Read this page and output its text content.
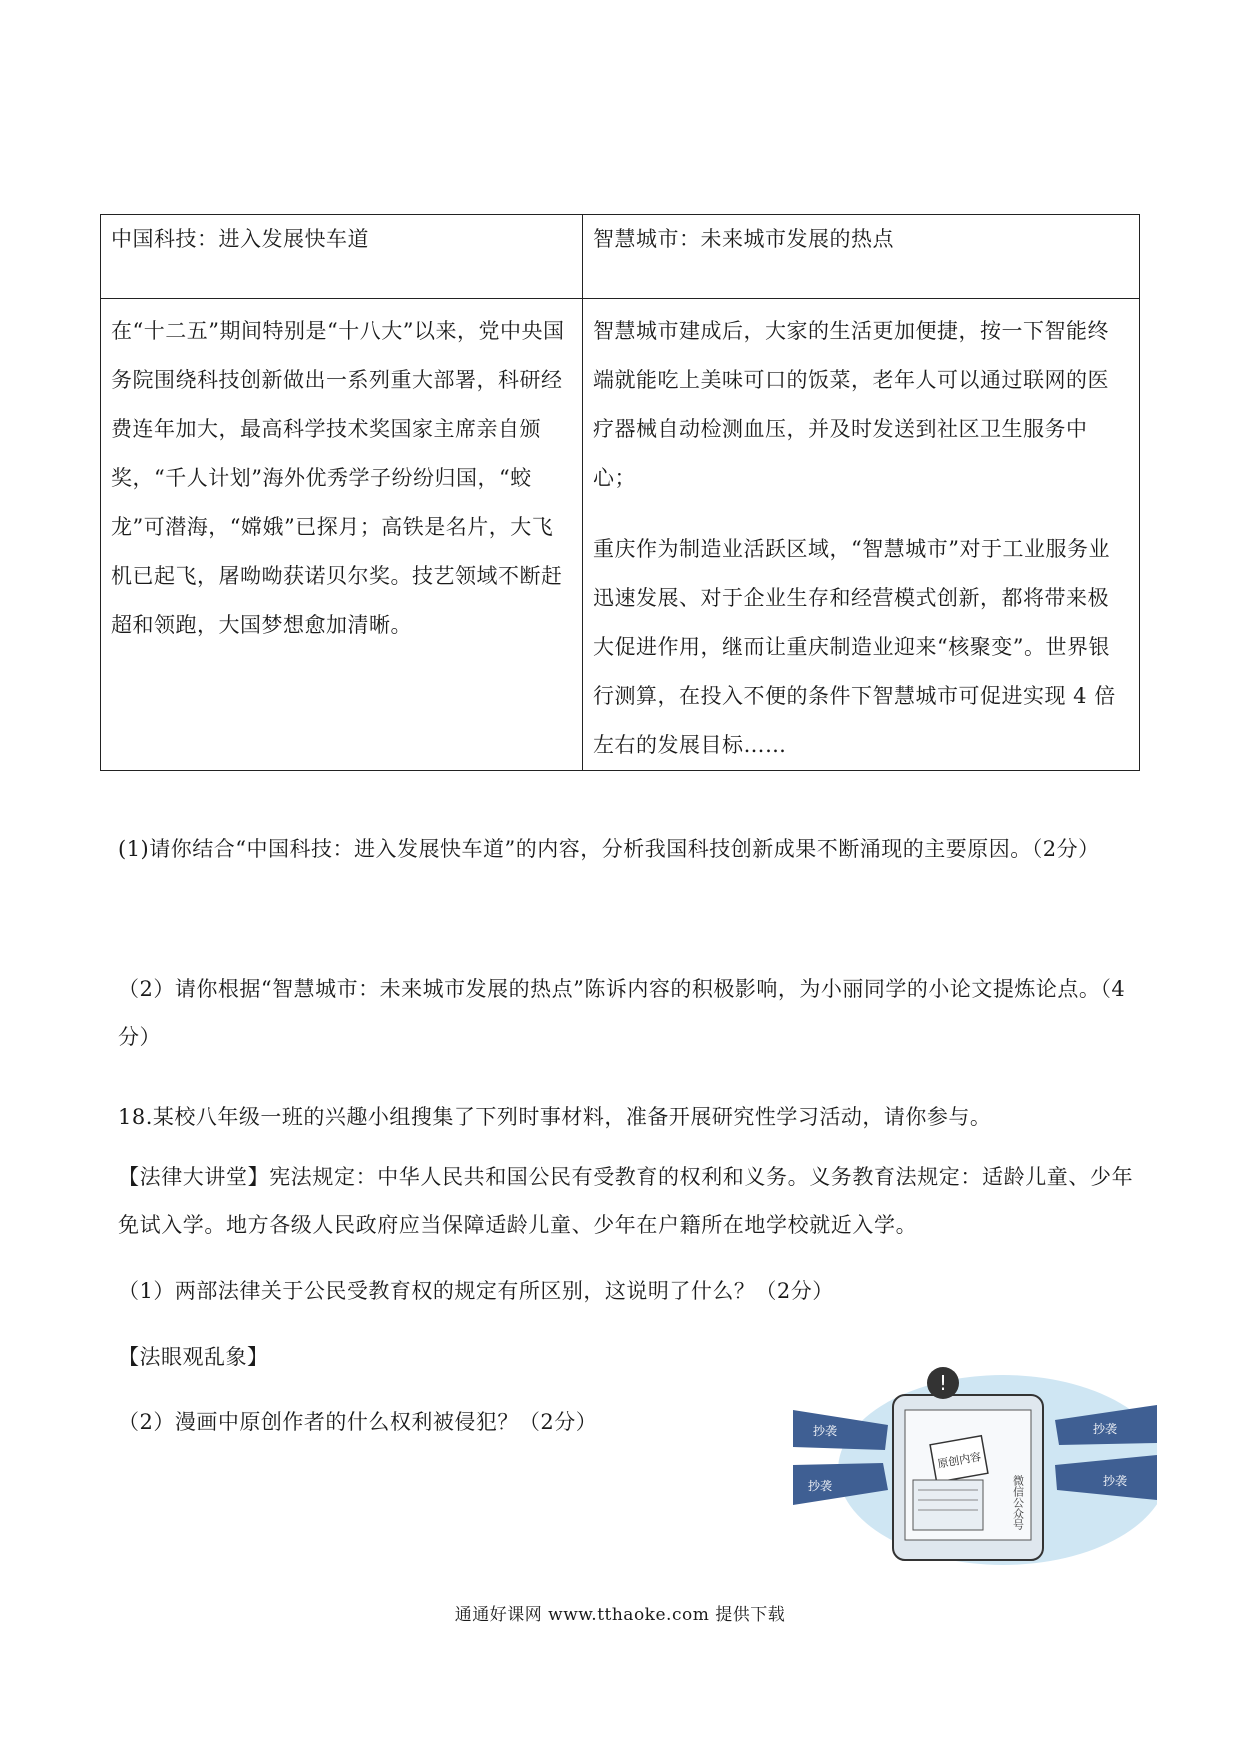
中国科技：进入发展快车道	智慧城市：未来城市发展的热点

在“十二五”期间特别是“十八大”以来，党中央国务院围绕科技创新做出一系列重大部署，科研经费连年加大，最高科学技术奖国家主席亲自颁奖，“千人计划”海外优秀学子纷纷归国，“蛟龙”可潜海，“嫦娥”已探月；高铁是名片，大飞机已起飞，屠呦呦获诺贝尔奖。技艺领域不断赶超和领跑，大国梦想愈加清晰。	智慧城市建成后，大家的生活更加便捷，按一下智能终端就能吃上美味可口的饭菜，老年人可以通过联网的医疗器械自动检测血压，并及时发送到社区卫生服务中心；

重庆作为制造业活跃区域，“智慧城市”对于工业服务业迅速发展、对于企业生存和经营模式创新，都将带来极大促进作用，继而让重庆制造业迎来“核聚变”。世界银行测算，在投入不便的条件下智慧城市可促进实现 4 倍左右的发展目标……

(1)请你结合“中国科技：进入发展快车道”的内容，分析我国科技创新成果不断涌现的主要原因。（2分）

（2）请你根据“智慧城市：未来城市发展的热点”陈诉内容的积极影响，为小丽同学的小论文提炼论点。（4 分）

18.某校八年级一班的兴趣小组搜集了下列时事材料，准备开展研究性学习活动，请你参与。

【法律大讲堂】宪法规定：中华人民共和国公民有受教育的权利和义务。义务教育法规定：适龄儿童、少年免试入学。地方各级人民政府应当保障适龄儿童、少年在户籍所在地学校就近入学。

（1）两部法律关于公民受教育权的规定有所区别，这说明了什么？（2分）

【法眼观乱象】

（2）漫画中原创作者的什么权利被侵犯？（2分）

!
原创内容
微信公众号
抄袭
抄袭
抄袭
抄袭
通通好课网 www.tthaoke.com 提供下载
